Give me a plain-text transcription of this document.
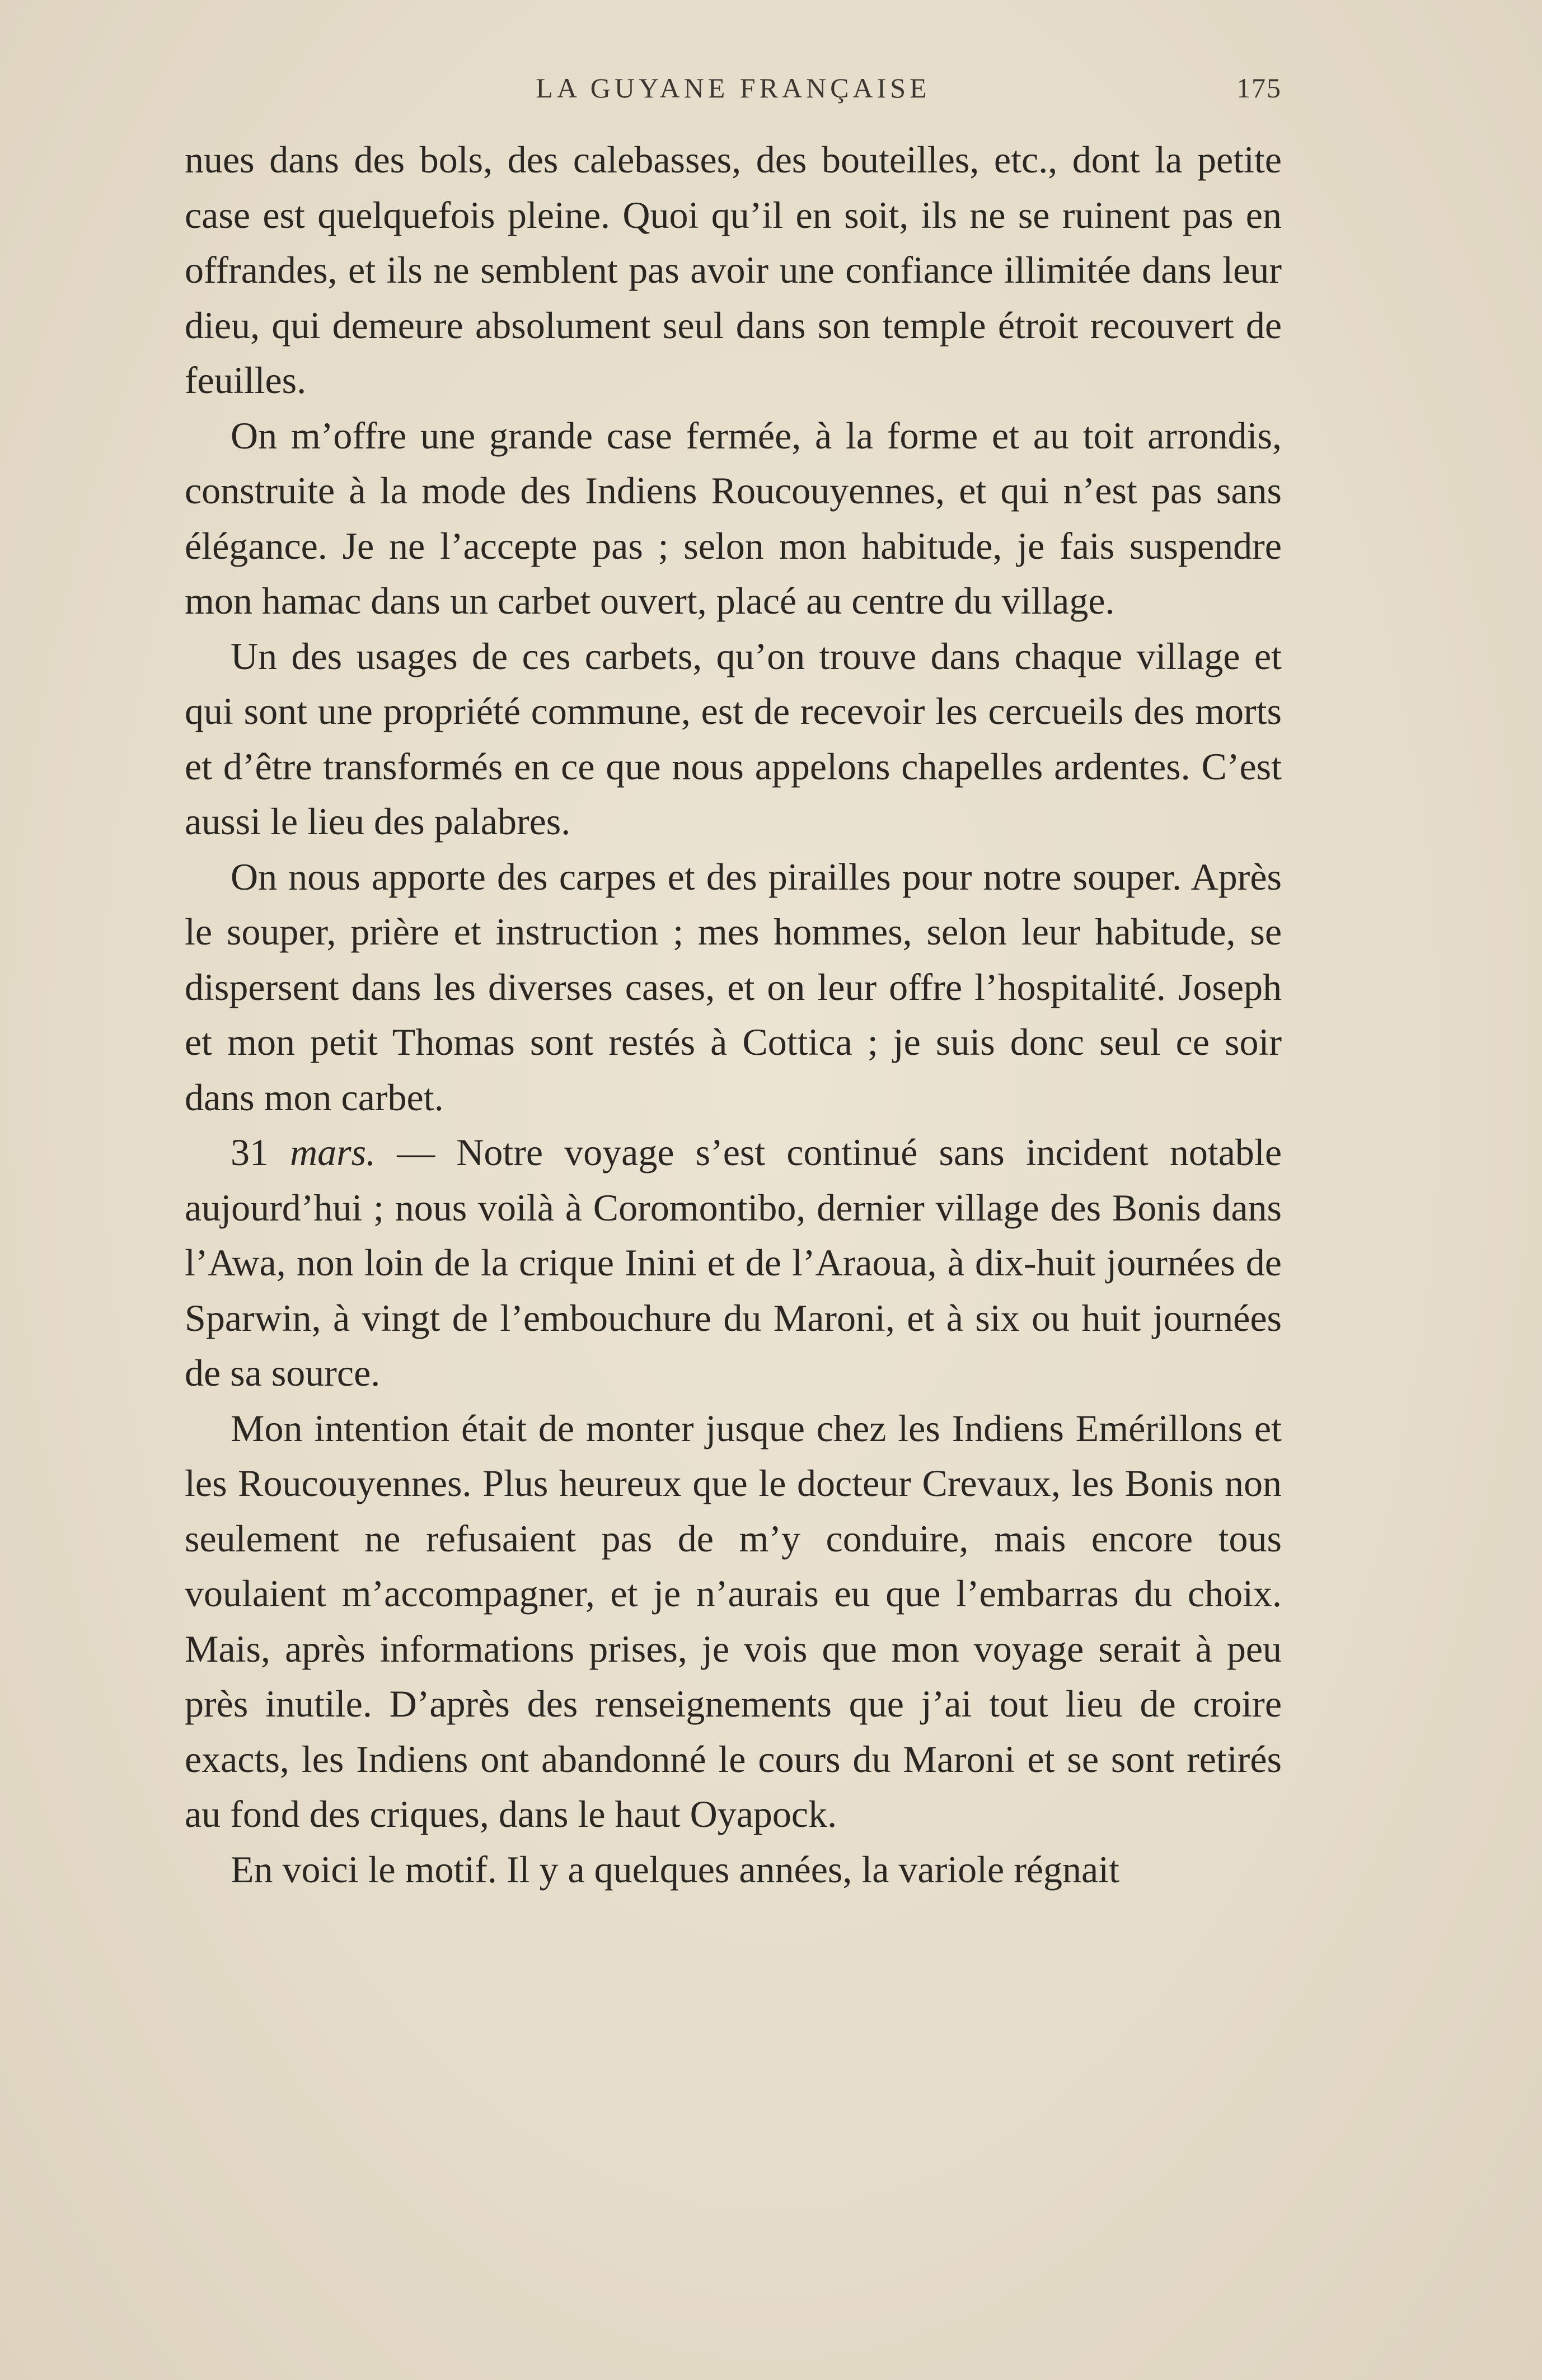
LA GUYANE FRANÇAISE	175

nues dans des bols, des calebasses, des bouteilles, etc., dont la petite case est quelquefois pleine. Quoi qu’il en soit, ils ne se ruinent pas en offrandes, et ils ne semblent pas avoir une confiance illimitée dans leur dieu, qui demeure absolument seul dans son temple étroit recouvert de feuilles.

On m’offre une grande case fermée, à la forme et au toit arrondis, construite à la mode des Indiens Roucouyennes, et qui n’est pas sans élégance. Je ne l’accepte pas ; selon mon habitude, je fais suspendre mon hamac dans un carbet ouvert, placé au centre du village.

Un des usages de ces carbets, qu’on trouve dans chaque village et qui sont une propriété commune, est de recevoir les cercueils des morts et d’être transformés en ce que nous appelons chapelles ardentes. C’est aussi le lieu des palabres.

On nous apporte des carpes et des pirailles pour notre souper. Après le souper, prière et instruction ; mes hommes, selon leur habitude, se dispersent dans les diverses cases, et on leur offre l’hospitalité. Joseph et mon petit Thomas sont restés à Cottica ; je suis donc seul ce soir dans mon carbet.

31 mars. — Notre voyage s’est continué sans incident notable aujourd’hui ; nous voilà à Coromontibo, dernier village des Bonis dans l’Awa, non loin de la crique Inini et de l’Araoua, à dix-huit journées de Sparwin, à vingt de l’embouchure du Maroni, et à six ou huit journées de sa source.

Mon intention était de monter jusque chez les Indiens Emérillons et les Roucouyennes. Plus heureux que le docteur Crevaux, les Bonis non seulement ne refusaient pas de m’y conduire, mais encore tous voulaient m’accompagner, et je n’aurais eu que l’embarras du choix. Mais, après informations prises, je vois que mon voyage serait à peu près inutile. D’après des renseignements que j’ai tout lieu de croire exacts, les Indiens ont abandonné le cours du Maroni et se sont retirés au fond des criques, dans le haut Oyapock.

En voici le motif. Il y a quelques années, la variole régnait
